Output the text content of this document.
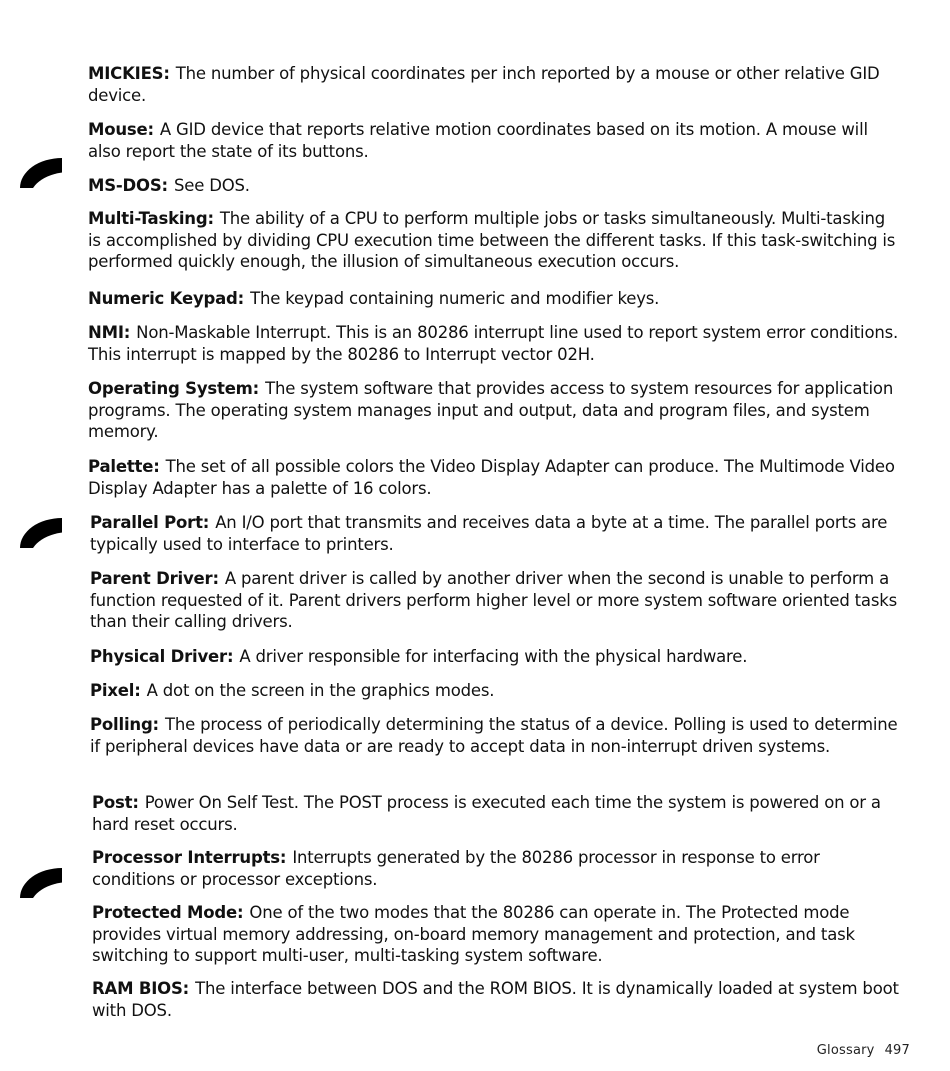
MICKIES: The number of physical coordinates per inch reported by a mouse or other relative GID device.
Mouse: A GID device that reports relative motion coordinates based on its motion. A mouse will also report the state of its buttons.
MS-DOS: See DOS.
Multi-Tasking: The ability of a CPU to perform multiple jobs or tasks simultaneously. Multi-tasking is accomplished by dividing CPU execution time between the different tasks. If this task-switching is performed quickly enough, the illusion of simultaneous execution occurs.
Numeric Keypad: The keypad containing numeric and modifier keys.
NMI: Non-Maskable Interrupt. This is an 80286 interrupt line used to report system error conditions. This interrupt is mapped by the 80286 to Interrupt vector 02H.
Operating System: The system software that provides access to system resources for application programs. The operating system manages input and output, data and program files, and system memory.
Palette: The set of all possible colors the Video Display Adapter can produce. The Multimode Video Display Adapter has a palette of 16 colors.
Parallel Port: An I/O port that transmits and receives data a byte at a time. The parallel ports are typically used to interface to printers.
Parent Driver: A parent driver is called by another driver when the second is unable to perform a function requested of it. Parent drivers perform higher level or more system software oriented tasks than their calling drivers.
Physical Driver: A driver responsible for interfacing with the physical hardware.
Pixel: A dot on the screen in the graphics modes.
Polling: The process of periodically determining the status of a device. Polling is used to determine if peripheral devices have data or are ready to accept data in non-interrupt driven systems.
Post: Power On Self Test. The POST process is executed each time the system is powered on or a hard reset occurs.
Processor Interrupts: Interrupts generated by the 80286 processor in response to error conditions or processor exceptions.
Protected Mode: One of the two modes that the 80286 can operate in. The Protected mode provides virtual memory addressing, on-board memory management and protection, and task switching to support multi-user, multi-tasking system software.
RAM BIOS: The interface between DOS and the ROM BIOS. It is dynamically loaded at system boot with DOS.
Glossary 497
